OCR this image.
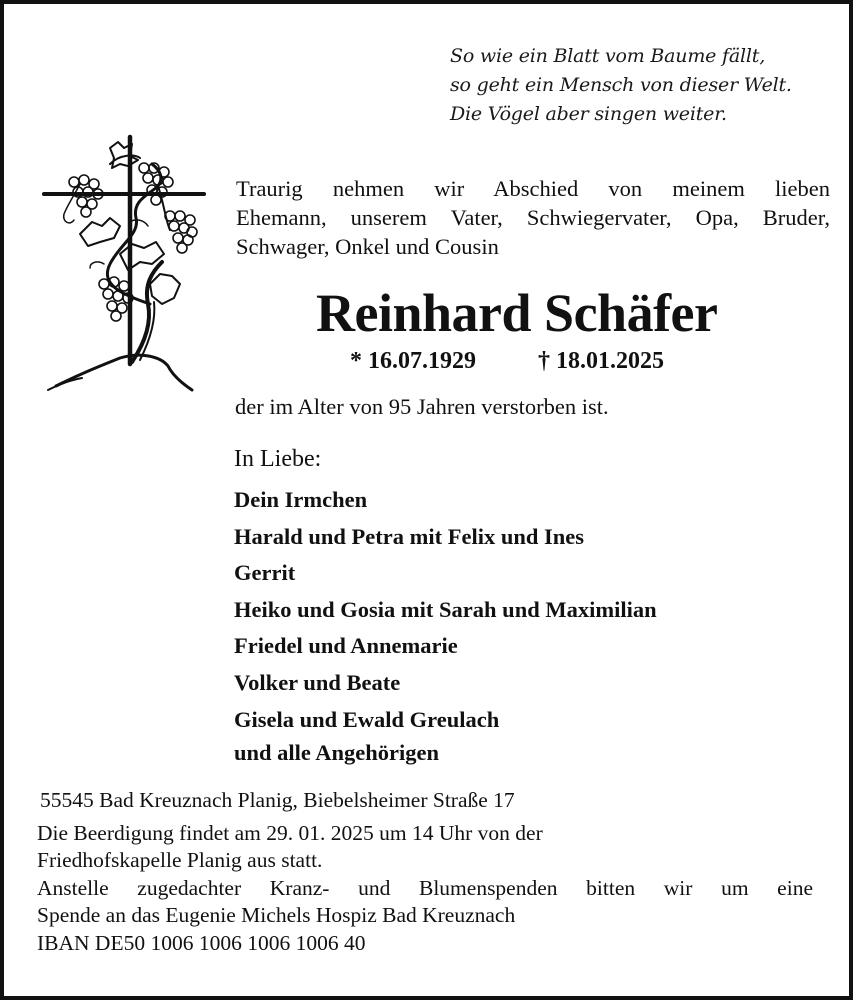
So wie ein Blatt vom Baume fällt,
so geht ein Mensch von dieser Welt.
Die Vögel aber singen weiter.
Traurig nehmen wir Abschied von meinem lieben
Ehemann, unserem Vater, Schwiegervater, Opa, Bruder,
Schwager, Onkel und Cousin
Reinhard Schäfer
* 16.07.1929	† 18.01.2025
der im Alter von 95 Jahren verstorben ist.
In Liebe:
Dein Irmchen
Harald und Petra mit Felix und Ines
Gerrit
Heiko und Gosia mit Sarah und Maximilian
Friedel und Annemarie
Volker und Beate
Gisela und Ewald Greulach
und alle Angehörigen
55545 Bad Kreuznach Planig, Biebelsheimer Straße 17
Die Beerdigung findet am 29. 01. 2025 um 14 Uhr von der
Friedhofskapelle Planig aus statt.
Anstelle zugedachter Kranz- und Blumenspenden bitten wir um eine
Spende an das Eugenie Michels Hospiz Bad Kreuznach
IBAN DE50 1006 1006 1006 1006 40
